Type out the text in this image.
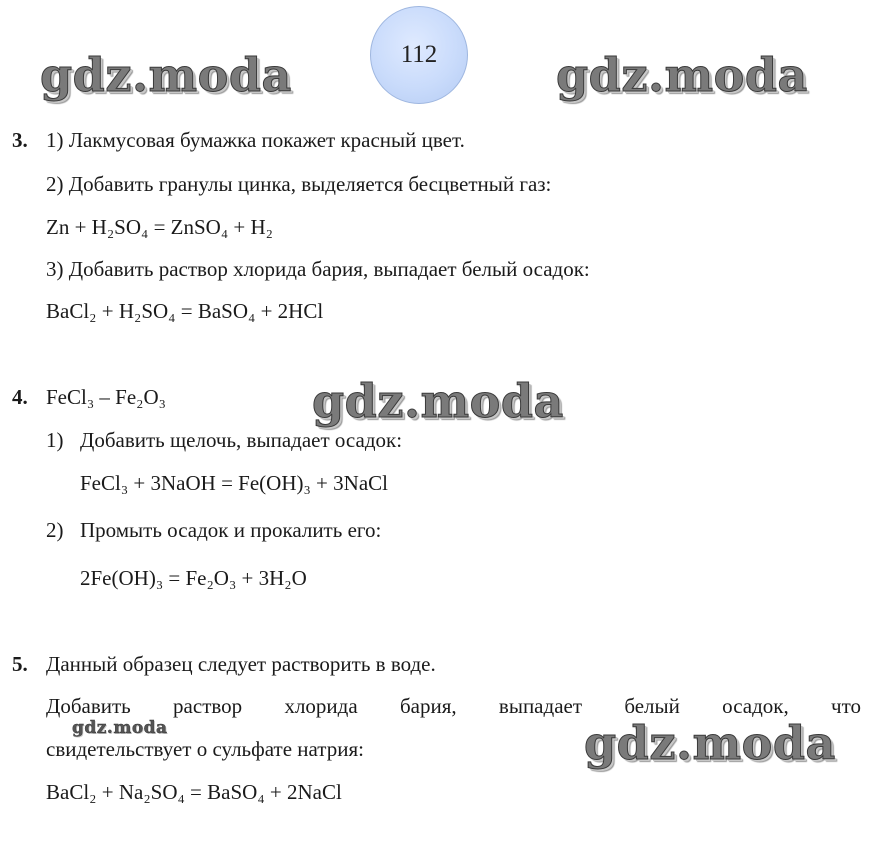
gdz.moda	gdz.moda
112
3. 1) Лакмусовая бумажка покажет красный цвет.
2) Добавить гранулы цинка, выделяется бесцветный газ:
Zn + H₂SO₄ = ZnSO₄ + H₂
3) Добавить раствор хлорида бария, выпадает белый осадок:
BaCl₂ + H₂SO₄ = BaSO₄ + 2HCl
gdz.moda
4. FeCl₃ – Fe₂O₃
1) Добавить щелочь, выпадает осадок:
FeCl₃ + 3NaOH = Fe(OH)₃ + 3NaCl
2) Промыть осадок и прокалить его:
2Fe(OH)₃ = Fe₂O₃ + 3H₂O
5. Данный образец следует растворить в воде.
Добавить раствор хлорида бария, выпадает белый осадок, что
gdz.moda
свидетельствует о сульфате натрия:	gdz.moda
BaCl₂ + Na₂SO₄ = BaSO₄ + 2NaCl
